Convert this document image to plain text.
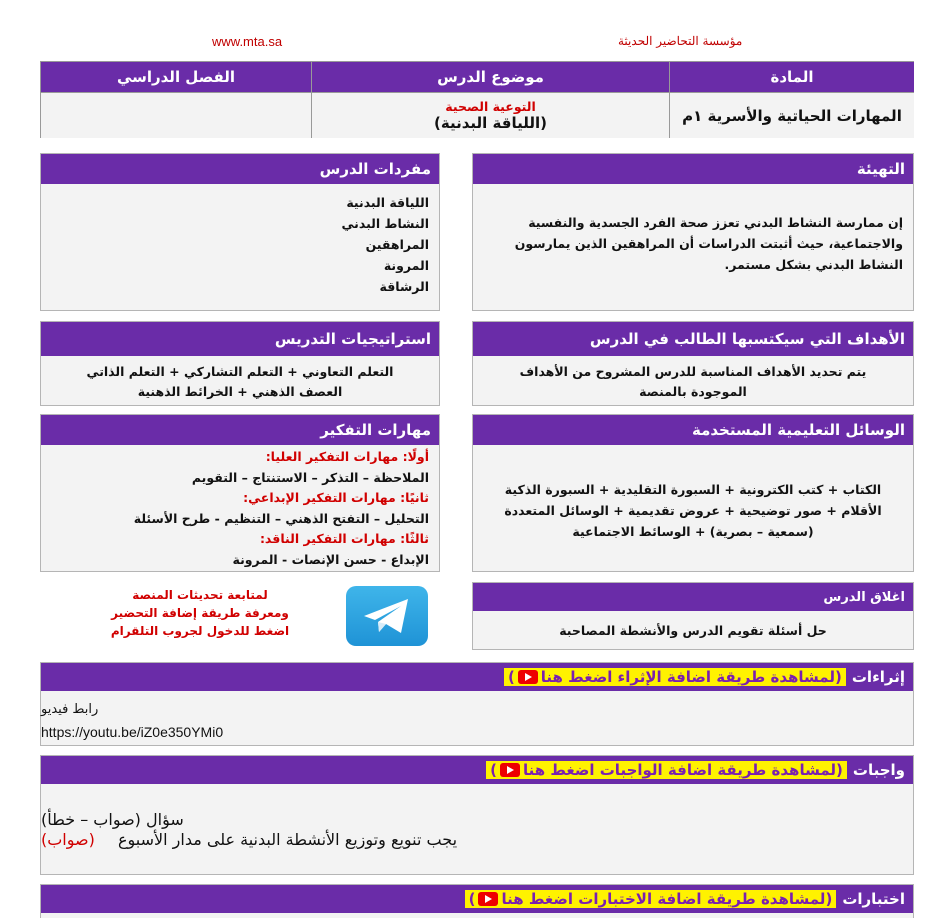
www.mta.sa	مؤسسة التحاضير الحديثة
المادة
المهارات الحياتية والأسرية ١م
موضوع الدرس
التوعية الصحية
(اللياقة البدنية)
الفصل الدراسي
التهيئة
إن ممارسة النشاط البدني تعزز صحة الفرد الجسدية والنفسية والاجتماعية، حيث أثبتت الدراسات أن المراهقين الذين يمارسون النشاط البدني بشكل مستمر.
مفردات الدرس
اللياقة البدنية
النشاط البدني
المراهقين
المرونة
الرشاقة
الأهداف التي سيكتسبها الطالب في الدرس
يتم تحديد الأهداف المناسبة للدرس المشروح من الأهداف الموجودة بالمنصة
استراتيجيات التدريس
التعلم التعاوني + التعلم التشاركي + التعلم الذاتي
العصف الذهني + الخرائط الذهنية
الوسائل التعليمية المستخدمة
الكتاب + كتب الكترونية + السبورة التقليدية + السبورة الذكية
الأقلام + صور توضيحية + عروض تقديمية + الوسائل المتعددة
(سمعية – بصرية) + الوسائط الاجتماعية
مهارات التفكير
أولًا: مهارات التفكير العليا:
الملاحظة – التذكر – الاستنتاج – التقويم
ثانيًا: مهارات التفكير الإبداعي:
التحليل – التفتح الذهني – التنظيم - طرح الأسئلة
ثالثًا: مهارات التفكير الناقد:
الإبداع - حسن الإنصات - المرونة
لمتابعة تحديثات المنصة
ومعرفة طريقة إضافة التحضير
اضغط للدخول لجروب التلقرام
اغلاق الدرس
حل أسئلة تقويم الدرس والأنشطة المصاحبة
إثراءات
(لمشاهدة طريقة اضافة الإثراء اضغط هنا
)
رابط فيديو
https://youtu.be/iZ0e350YMi0
واجبات
(لمشاهدة طريقة اضافة الواجبات اضغط هنا
)
سؤال (صواب – خطأ)
يجب تنويع وتوزيع الأنشطة البدنية على مدار الأسبوع (صواب)
اختبارات
(لمشاهدة طريقة اضافة الاختبارات اضغط هنا
)
